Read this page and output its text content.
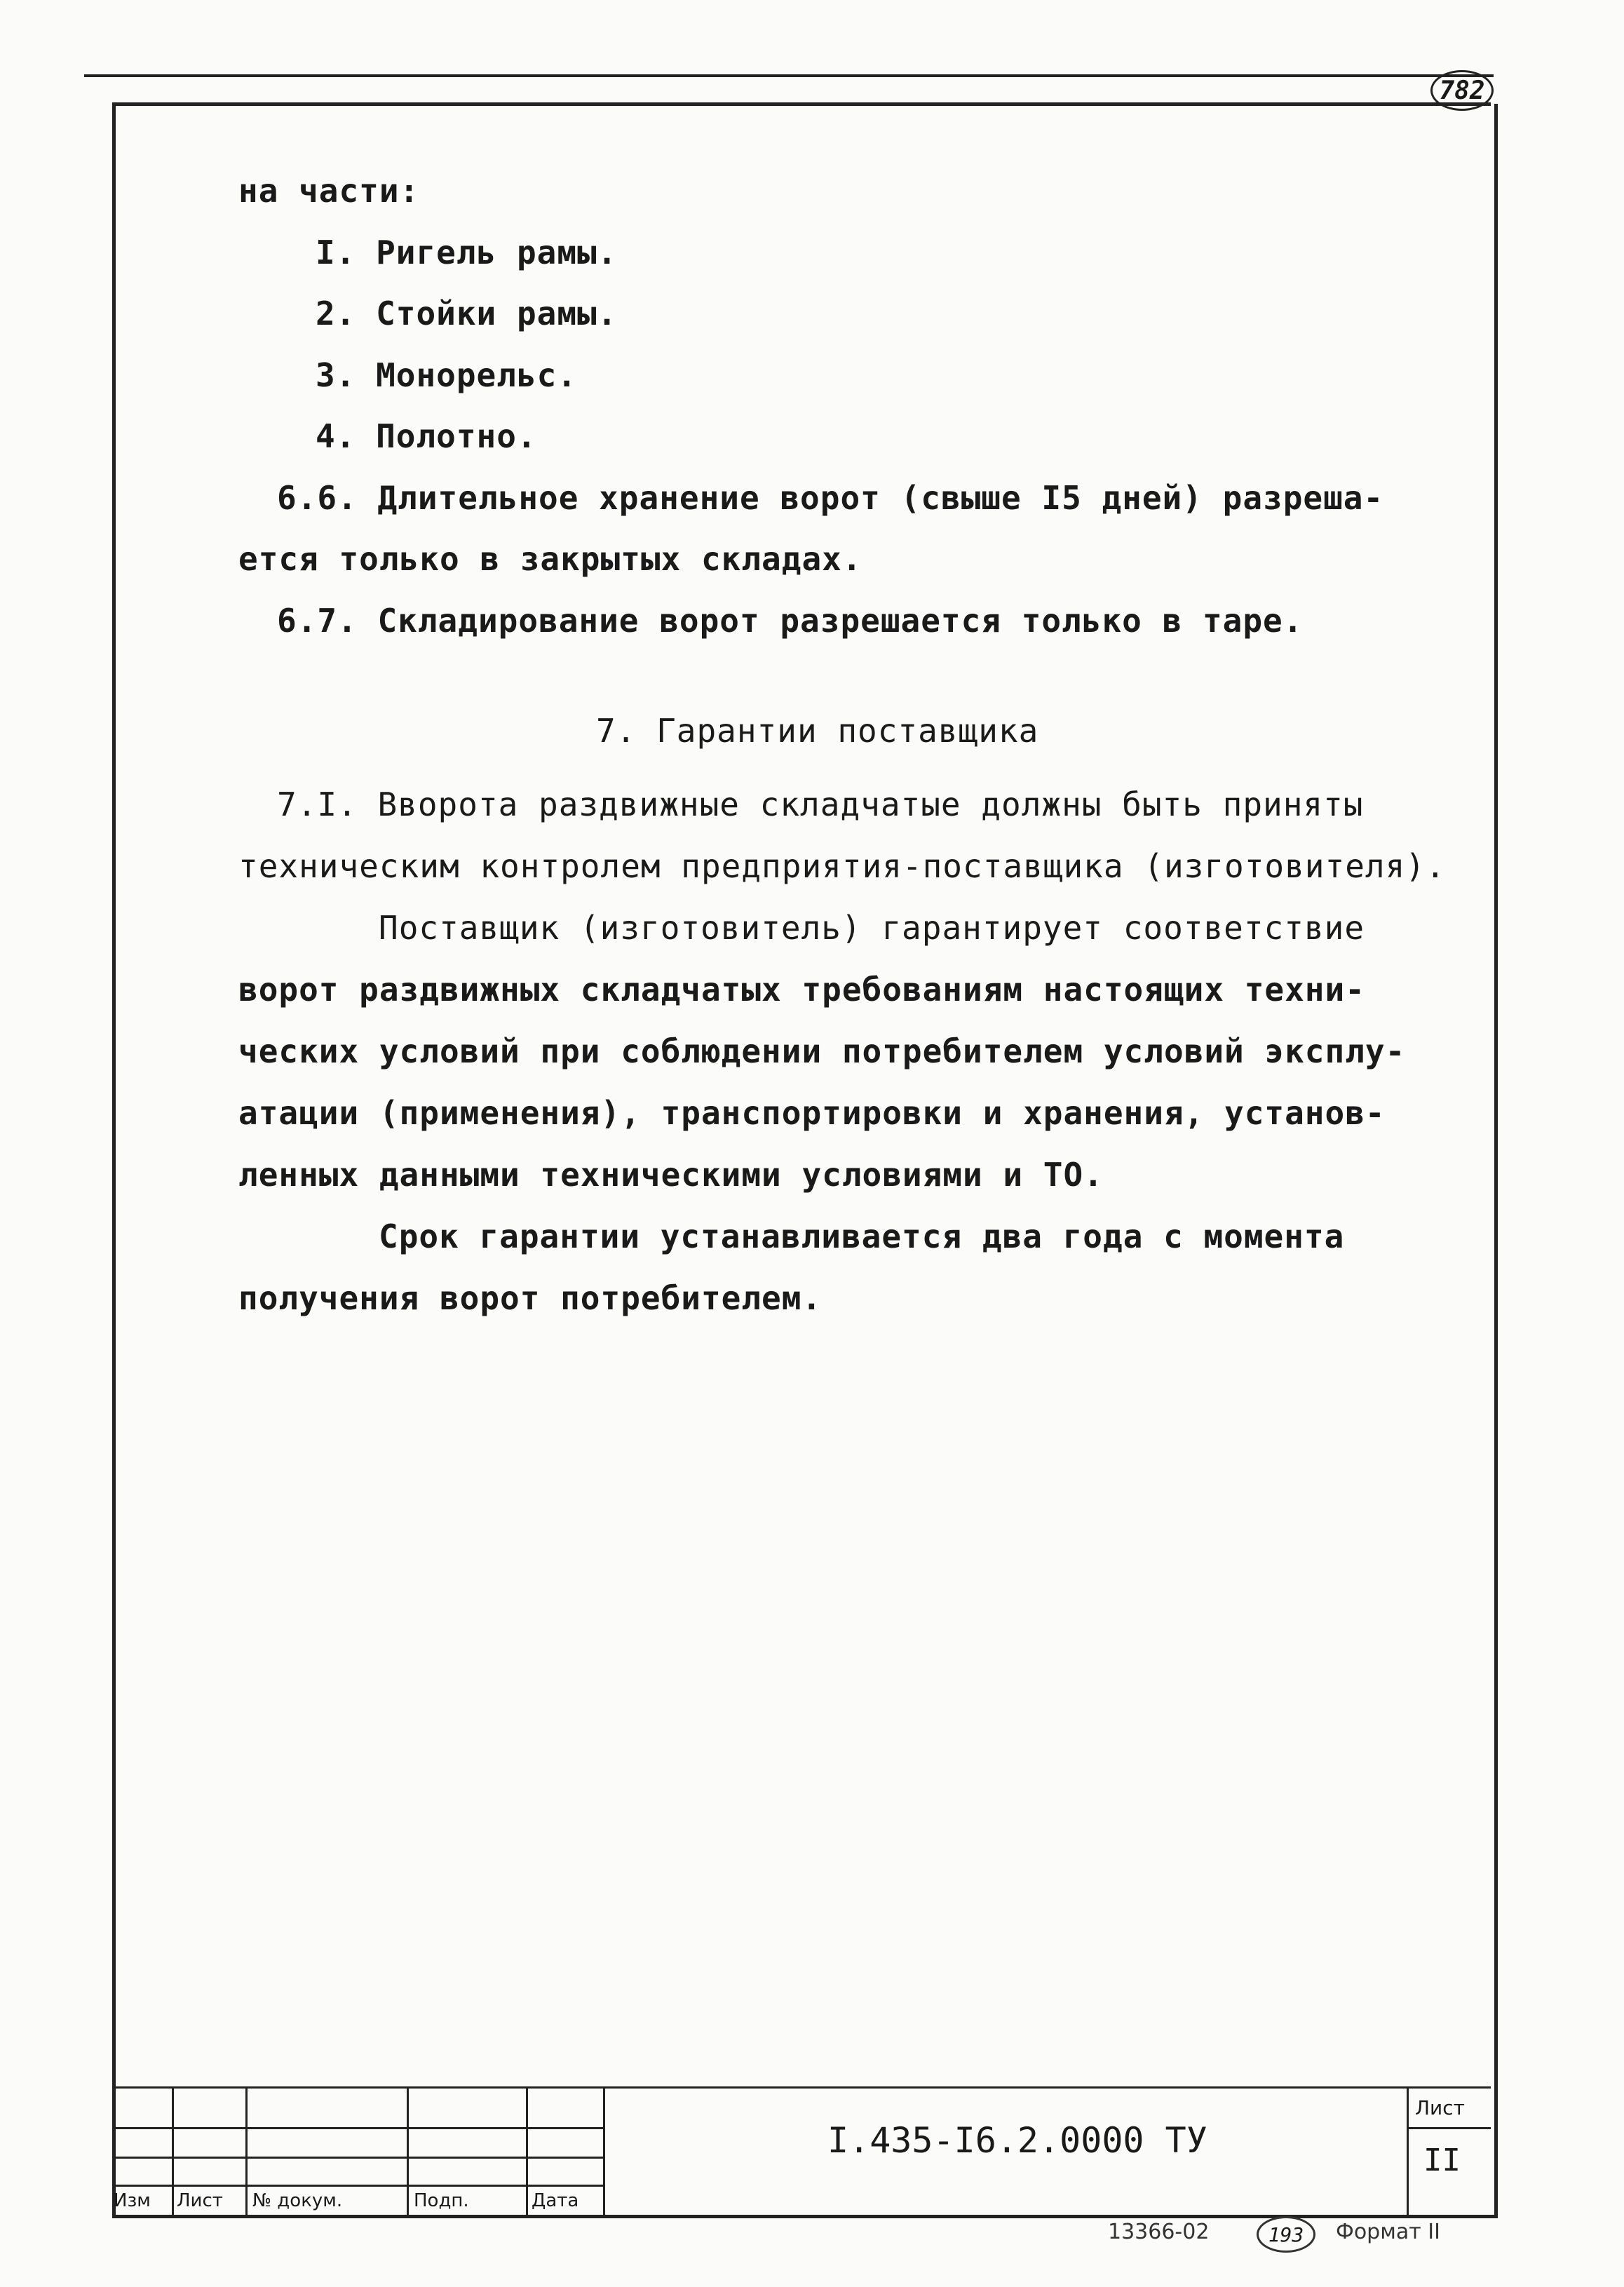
782
на части:
I. Ригель рамы.
2. Стойки рамы.
3. Монорельс.
4. Полотно.
6.6. Длительное хранение ворот (свыше I5 дней) разреша-
ется только в закрытых складах.
6.7. Складирование ворот разрешается только в таре.
7. Гарантии поставщика
7.I. Вворота раздвижные складчатые должны быть приняты
техническим контролем предприятия-поставщика (изготовителя).
Поставщик (изготовитель) гарантирует соответствие
ворот раздвижных складчатых требованиям настоящих техни-
ческих условий при соблюдении потребителем условий эксплу-
атации (применения), транспортировки и хранения, установ-
ленных данными техническими условиями и ТО.
Срок гарантии устанавливается два года с момента
получения ворот потребителем.
Изм Лист № докум.	Подп.	Дата
I.435-I6.2.0000 ТУ
Лист
II
13366-02	193	Формат II
